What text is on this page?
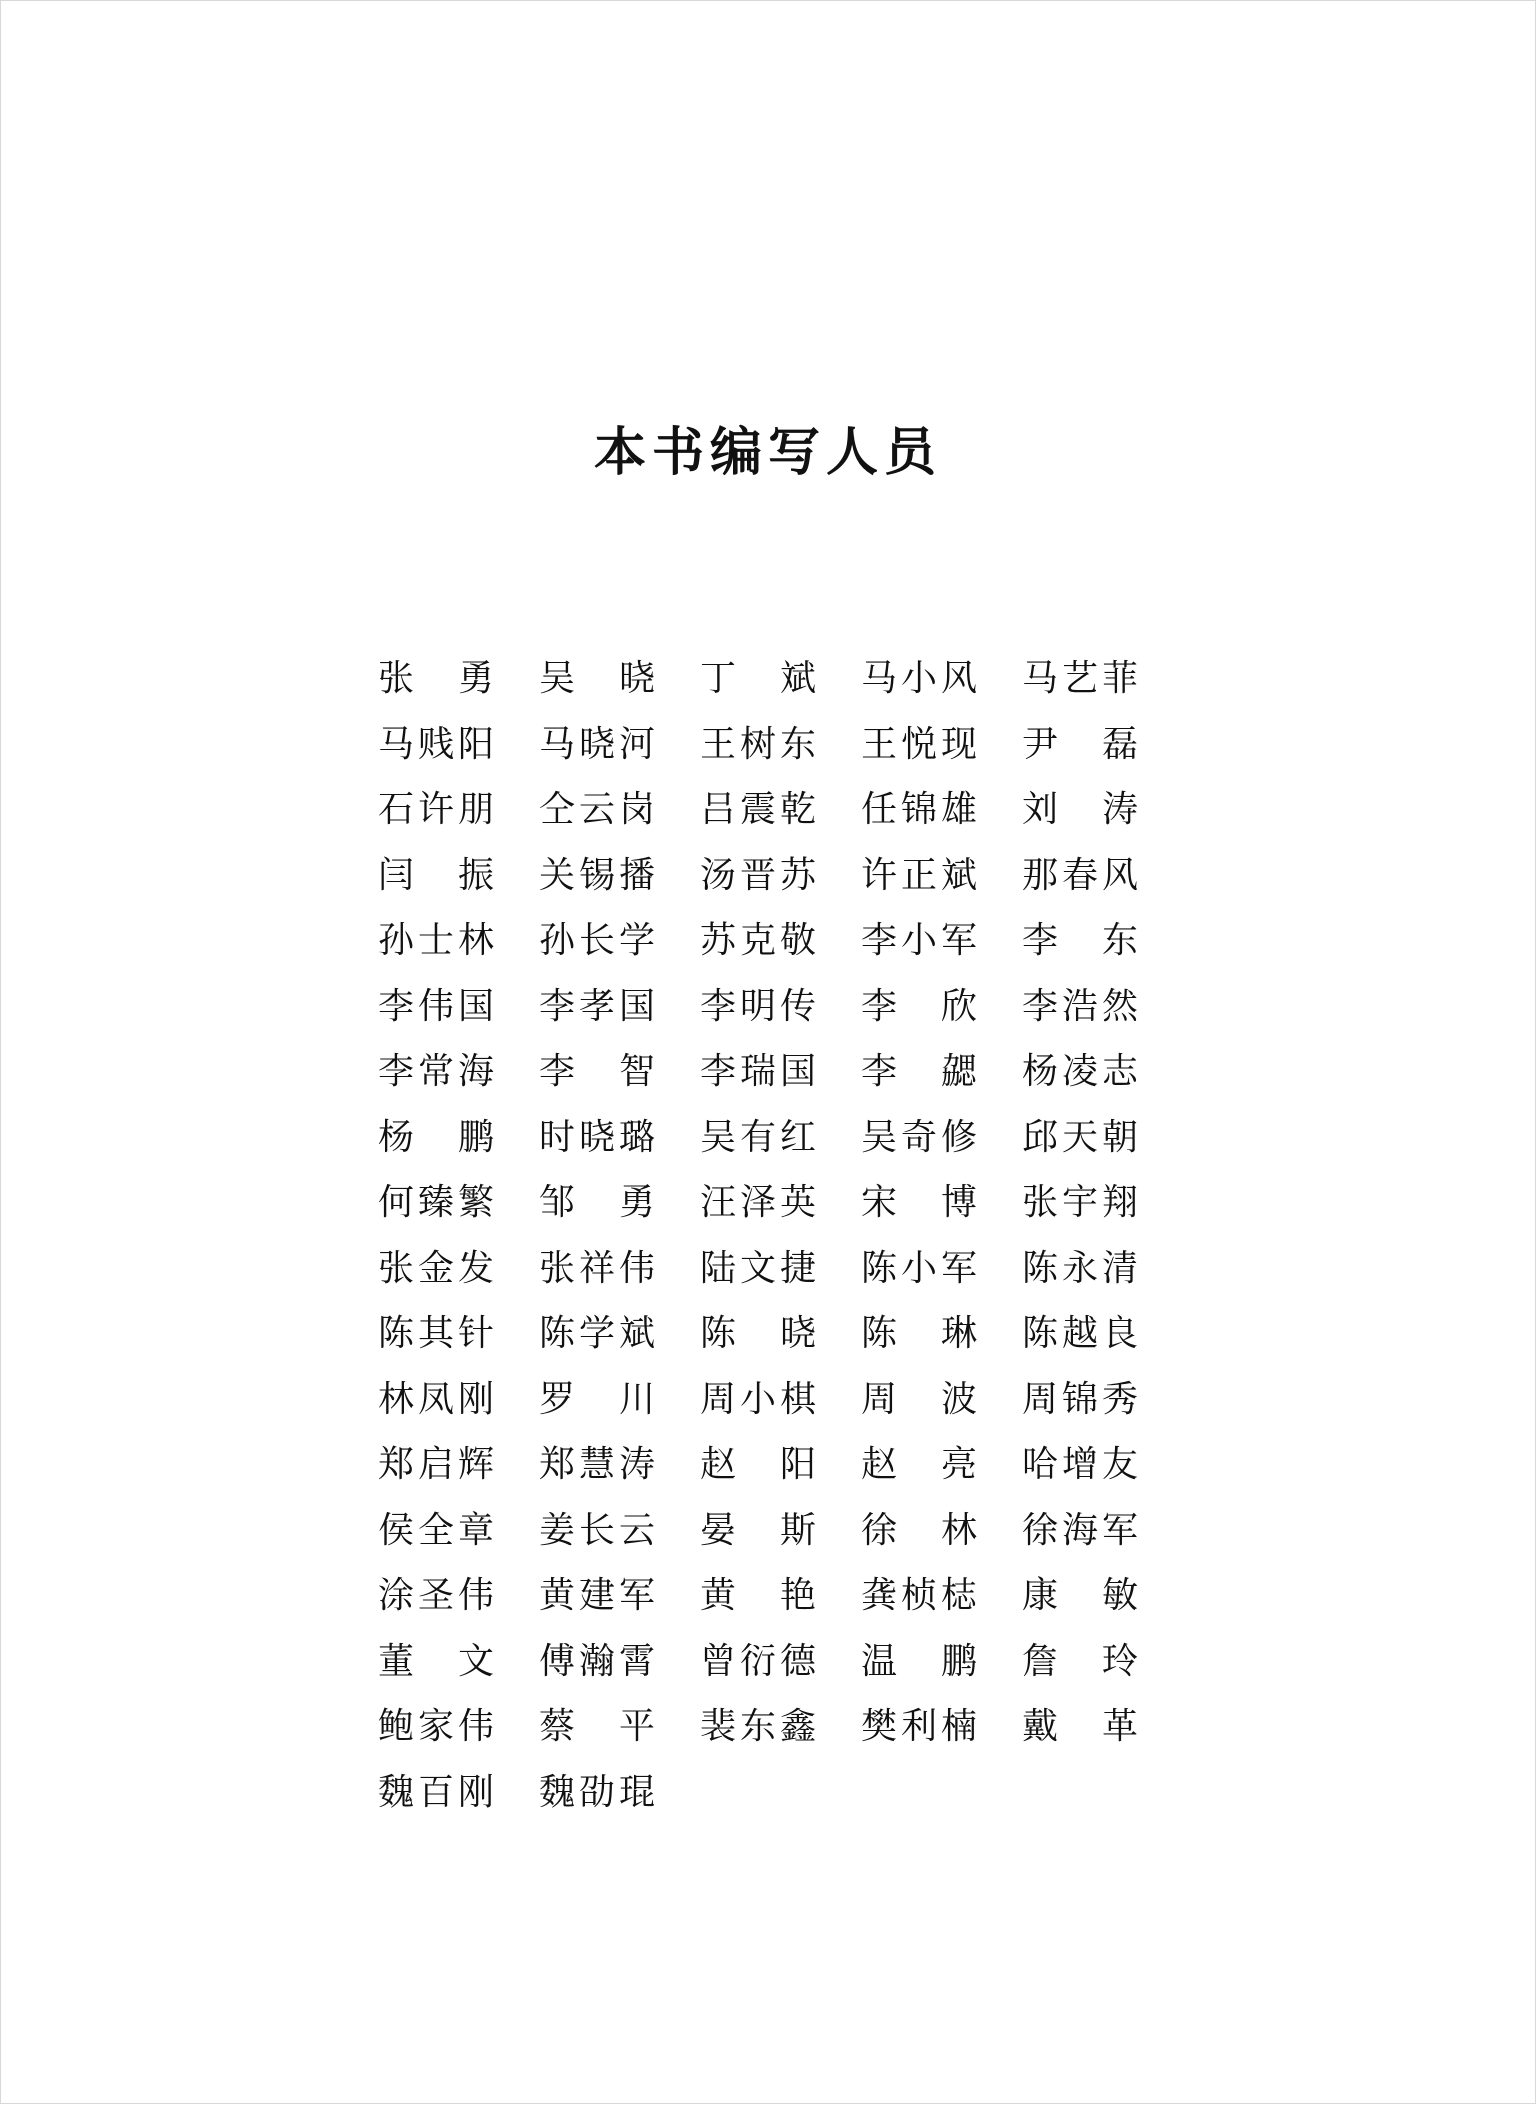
本书编写人员
张 勇 吴 晓 丁 斌 马小风 马艺菲
马贱阳 马晓河 王树东 王悦现 尹 磊
石许朋 仝云岗 吕震乾 任锦雄 刘 涛
闫 振 关锡播 汤晋苏 许正斌 那春风
孙士林 孙长学 苏克敬 李小军 李 东
李伟国 李孝国 李明传 李 欣 李浩然
李常海 李 智 李瑞国 李 勰 杨凌志
杨 鹏 时晓璐 吴有红 吴奇修 邱天朝
何臻繁 邹 勇 汪泽英 宋 博 张宇翔
张金发 张祥伟 陆文捷 陈小军 陈永清
陈其针 陈学斌 陈 晓 陈 琳 陈越良
林凤刚 罗 川 周小棋 周 波 周锦秀
郑启辉 郑慧涛 赵 阳 赵 亮 哈增友
侯全章 姜长云 晏 斯 徐 林 徐海军
涂圣伟 黄建军 黄 艳 龚桢梽 康 敏
董 文 傅瀚霄 曾衍德 温 鹏 詹 玲
鲍家伟 蔡 平 裴东鑫 樊利楠 戴 革
魏百刚 魏劭琨
